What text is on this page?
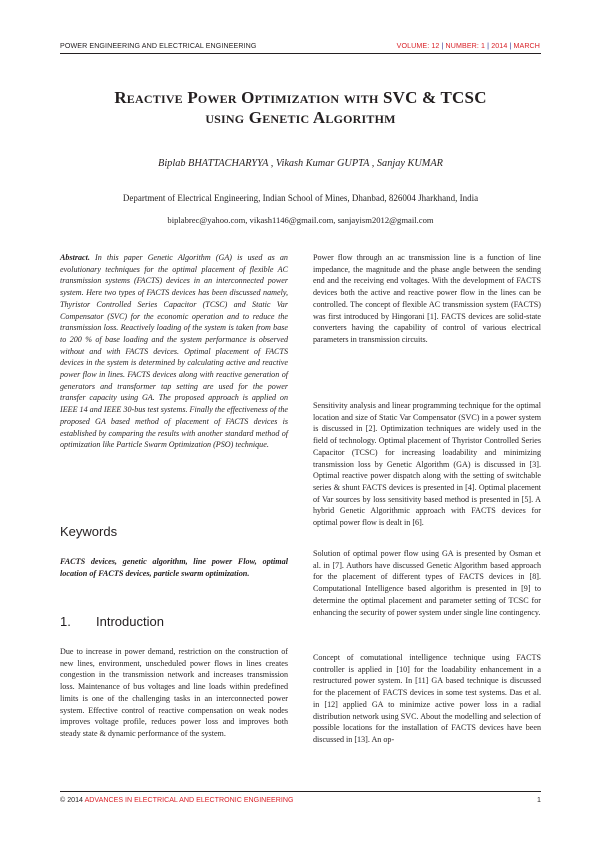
POWER ENGINEERING AND ELECTRICAL ENGINEERING	VOLUME: 12 | NUMBER: 1 | 2014 | MARCH
Reactive Power Optimization with SVC & TCSC
using Genetic Algorithm
Biplab BHATTACHARYYA , Vikash Kumar GUPTA , Sanjay KUMAR
Department of Electrical Engineering, Indian School of Mines, Dhanbad, 826004 Jharkhand, India
biplabrec@yahoo.com, vikash1146@gmail.com, sanjayism2012@gmail.com

Abstract. In this paper Genetic Algorithm (GA) is used as an evolutionary techniques for the optimal placement of flexible AC transmission systems (FACTS) devices in an interconnected power system. Here two types of FACTS devices has been discussed namely, Thyristor Controlled Series Capacitor (TCSC) and Static Var Compensator (SVC) for the economic operation and to reduce the transmission loss. Reactively loading of the system is taken from base to 200 % of base loading and the system performance is observed without and with FACTS devices. Optimal placement of FACTS devices in the system is determined by calculating active and reactive power flow in lines. FACTS devices along with reactive generation of generators and transformer tap setting are used for the power transfer capacity using GA. The proposed approach is applied on IEEE 14 and IEEE 30-bus test systems. Finally the effectiveness of the proposed GA based method of placement of FACTS devices is established by comparing the results with another standard method of optimization like Particle Swarm Optimization (PSO) technique.

Keywords
FACTS devices, genetic algorithm, line power Flow, optimal location of FACTS devices, particle swarm optimization.
1. Introduction

Due to increase in power demand, restriction on the construction of new lines, environment, unscheduled power flows in lines creates congestion in the transmission network and increases transmission loss. Maintenance of bus voltages and line loads within predefined limits is one of the challenging tasks in an interconnected power system. Effective control of reactive compensation on weak nodes improves voltage profile, reduces power loss and improves both steady state & dynamic performance of the system.

Power flow through an ac transmission line is a function of line impedance, the magnitude and the phase angle between the sending end and the receiving end voltages. With the development of FACTS devices both the active and reactive power flow in the lines can be controlled. The concept of flexible AC transmission system (FACTS) was first introduced by Hingorani [1]. FACTS devices are solid-state converters having the capability of control of various electrical parameters in transmission circuits.

Sensitivity analysis and linear programming technique for the optimal location and size of Static Var Compensator (SVC) in a power system is discussed in [2]. Optimization techniques are widely used in the field of technology. Optimal placement of Thyristor Controlled Series Capacitor (TCSC) for increasing loadability and minimizing transmission loss by Genetic Algorithm (GA) is discussed in [3]. Optimal reactive power dispatch along with the setting of switchable series & shunt FACTS devices is presented in [4]. Optimal placement of Var sources by loss sensitivity based method is presented in [5]. A hybrid Genetic Algorithmic approach with FACTS devices for optimal power flow is dealt in [6].

Solution of optimal power flow using GA is presented by Osman et al. in [7]. Authors have discussed Genetic Algorithm based approach for the placement of different types of FACTS devices in [8]. Computational Intelligence based algorithm is presented in [9] to determine the optimal placement and parameter setting of TCSC for enhancing the security of power system under single line contingency.

Concept of comutational intelligence technique using FACTS controller is applied in [10] for the loadability enhancement in a restructured power system. In [11] GA based technique is discussed for the placement of FACTS devices in some test systems. Das et al. in [12] applied GA to minimize active power loss in a radial distribution network using SVC. About the modelling and selection of possible locations for the installation of FACTS devices have been discussed in [13]. An op-

© 2014 ADVANCES IN ELECTRICAL AND ELECTRONIC ENGINEERING	1
